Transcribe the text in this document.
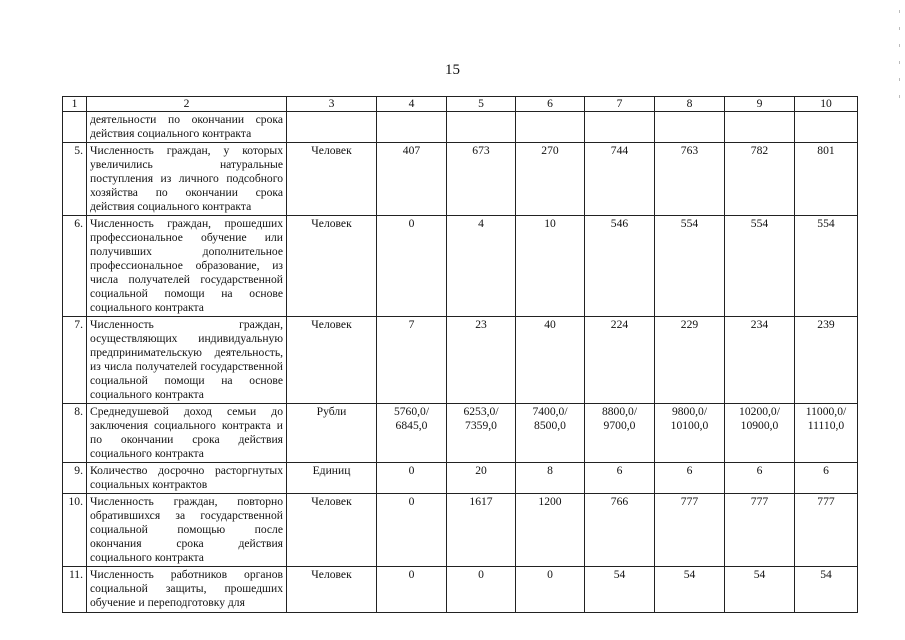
15
1	2	3	4	5	6	7	8	9	10
	деятельности по окончании срока действия социального контракта								
5.	Численность граждан, у которых увеличились натуральные поступления из личного подсобного хозяйства по окончании срока действия социального контракта	Человек	407	673	270	744	763	782	801
6.	Численность граждан, прошедших профессиональное обучение или получивших дополнительное профессиональное образование, из числа получателей государственной социальной помощи на основе социального контракта	Человек	0	4	10	546	554	554	554
7.	Численность граждан, осуществляющих индивидуальную предпринимательскую деятельность, из числа получателей государственной социальной помощи на основе социального контракта	Человек	7	23	40	224	229	234	239
8.	Среднедушевой доход семьи до заключения социального контракта и по окончании срока действия социального контракта	Рубли	5760,0/ 6845,0	6253,0/ 7359,0	7400,0/ 8500,0	8800,0/ 9700,0	9800,0/ 10100,0	10200,0/ 10900,0	11000,0/ 11110,0
9.	Количество досрочно расторгнутых социальных контрактов	Единиц	0	20	8	6	6	6	6
10.	Численность граждан, повторно обратившихся за государственной социальной помощью после окончания срока действия социального контракта	Человек	0	1617	1200	766	777	777	777
11.	Численность работников органов социальной защиты, прошедших обучение и переподготовку для	Человек	0	0	0	54	54	54	54
